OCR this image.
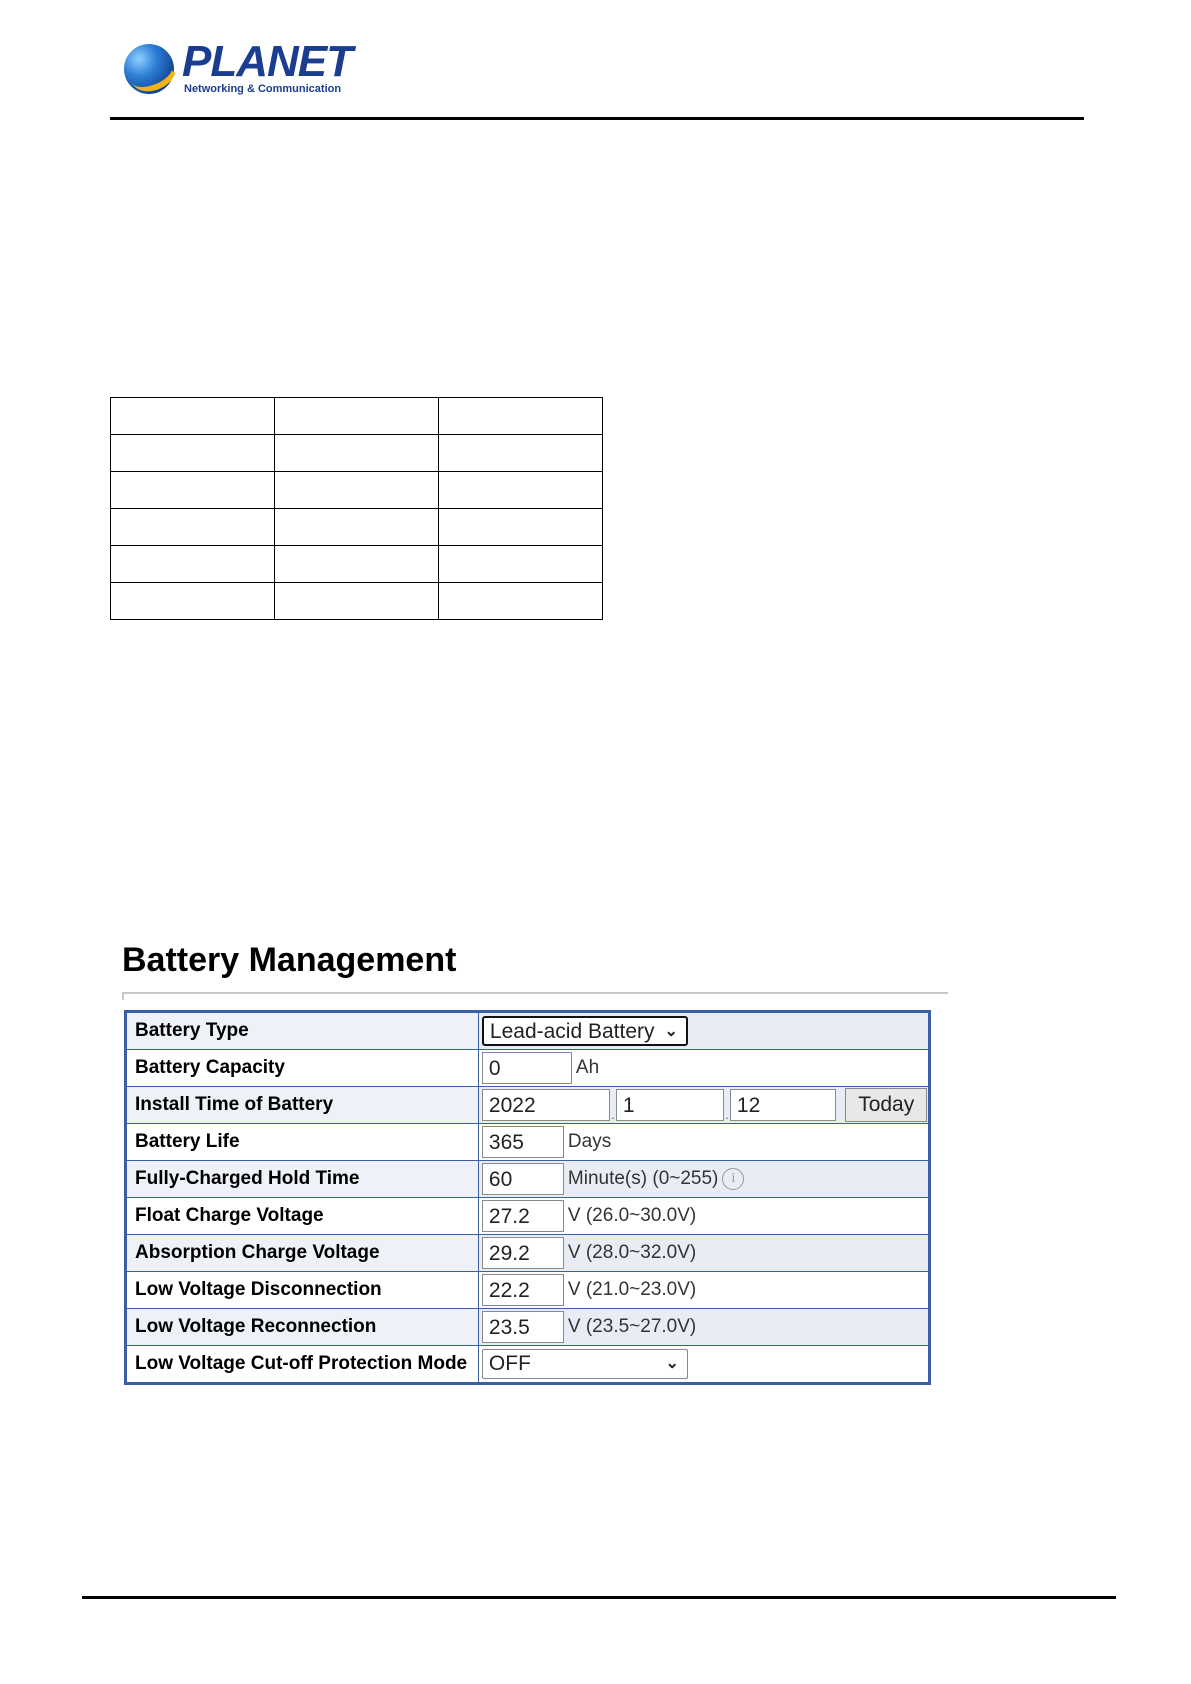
PLANET
Networking & Communication

Battery Management
Battery Type	Lead-acid Battery ⌄

Battery Capacity	0 Ah
Install Time of Battery	2022 . 1 . 12 Today
Battery Life	365 Days
Fully-Charged Hold Time	60 Minute(s) (0~255) i
Float Charge Voltage	27.2 V (26.0~30.0V)
Absorption Charge Voltage	29.2 V (28.0~32.0V)
Low Voltage Disconnection	22.2 V (21.0~23.0V)
Low Voltage Reconnection	23.5 V (23.5~27.0V)
Low Voltage Cut-off Protection Mode	OFF ⌄
